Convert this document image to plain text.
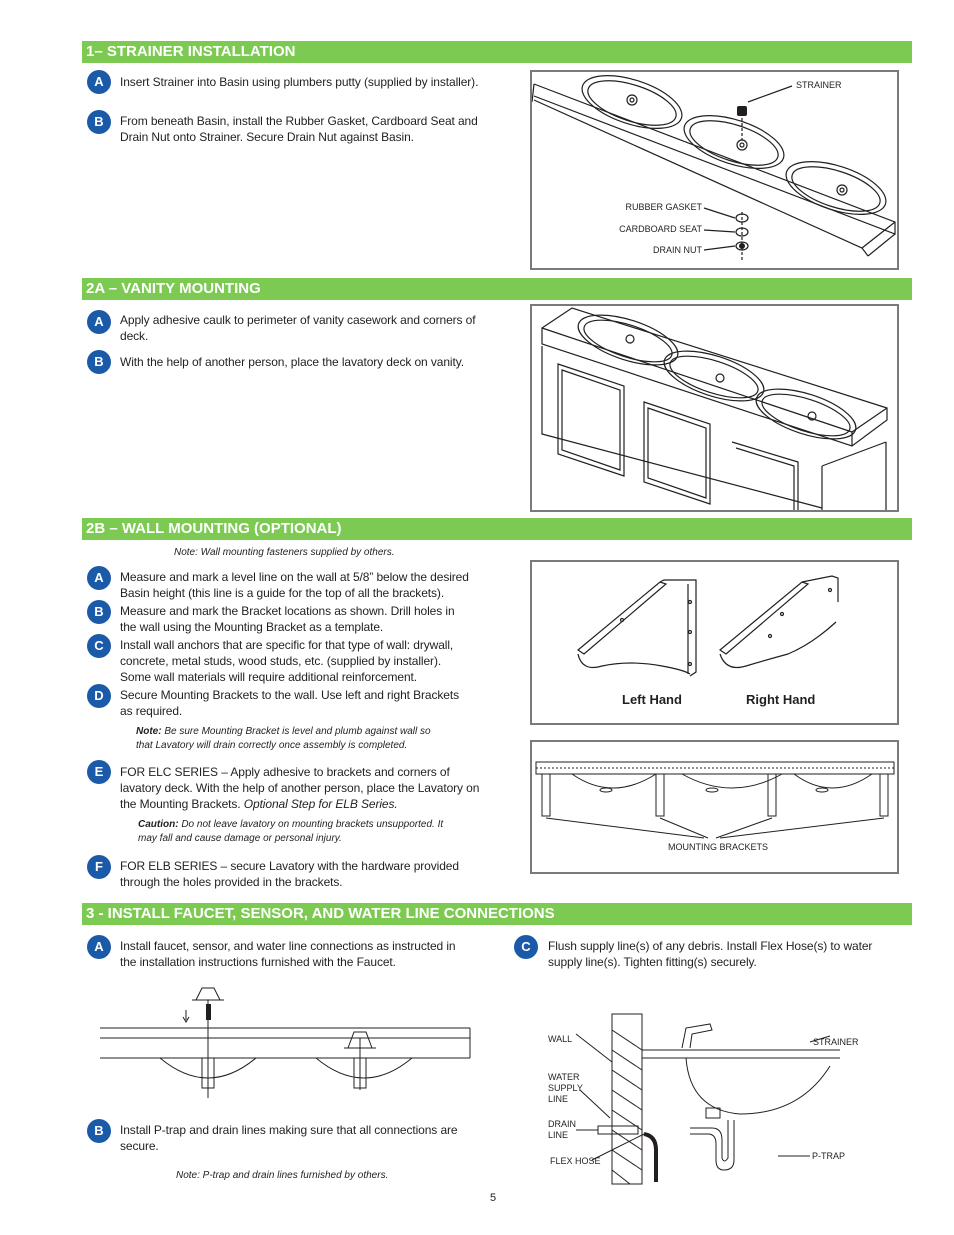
1– STRAINER INSTALLATION
A	Insert Strainer into Basin using plumbers putty (supplied by installer).
B	From beneath Basin, install the Rubber Gasket, Cardboard Seat and Drain Nut onto Strainer. Secure Drain Nut against Basin.
STRAINER
RUBBER GASKET
CARDBOARD SEAT
DRAIN NUT
2A – VANITY MOUNTING
A	Apply adhesive caulk to perimeter of vanity casework and corners of deck.
B	With the help of another person, place the lavatory deck on vanity.
2B – WALL MOUNTING (OPTIONAL)
Note: Wall mounting fasteners supplied by others.
A	Measure and mark a level line on the wall at 5/8” below the desired Basin height (this line is a guide for the top of all the brackets).
B	Measure and mark the Bracket locations as shown. Drill holes in the wall using the Mounting Bracket as a template.
C	Install wall anchors that are specific for that type of wall: drywall, concrete, metal studs, wood studs, etc. (supplied by installer). Some wall materials will require additional reinforcement.
D	Secure Mounting Brackets to the wall. Use left and right Brackets as required.
Note: Be sure Mounting Bracket is level and plumb against wall so that Lavatory will drain correctly once assembly is completed.
E	FOR ELC SERIES – Apply adhesive to brackets and corners of lavatory deck. With the help of another person, place the Lavatory on the Mounting Brackets. Optional Step for ELB Series.
Caution: Do not leave lavatory on mounting brackets unsupported. It may fall and cause damage or personal injury.
F	FOR ELB SERIES – secure Lavatory with the hardware provided through the holes provided in the brackets.
Left Hand	Right Hand
MOUNTING BRACKETS
3 - INSTALL FAUCET, SENSOR, AND WATER LINE CONNECTIONS
A	Install faucet, sensor, and water line connections as instructed in the installation instructions furnished with the Faucet.
B	Install P-trap and drain lines making sure that all connections are secure.
Note: P-trap and drain lines furnished by others.
C	Flush supply line(s) of any debris. Install Flex Hose(s) to water supply line(s). Tighten fitting(s) securely.
WALL
WATER
SUPPLY
LINE
DRAIN
LINE
FLEX HOSE
STRAINER
P-TRAP
5
